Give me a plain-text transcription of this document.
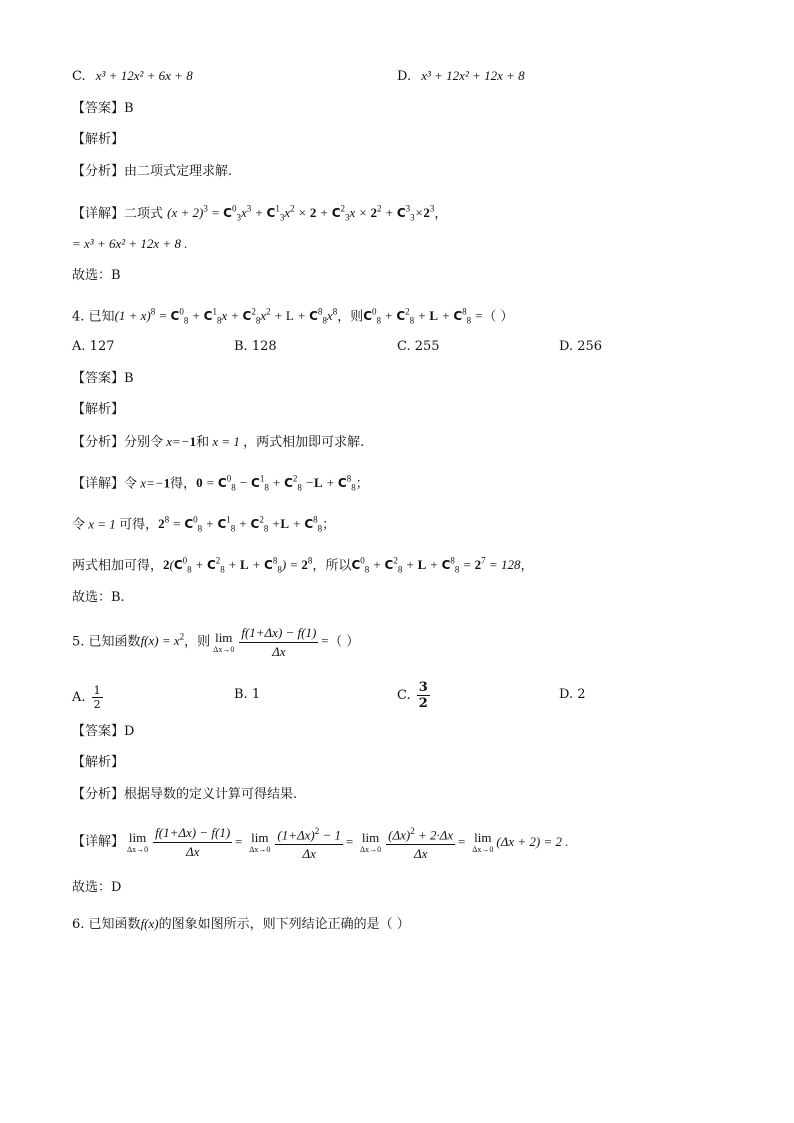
C. x³ + 12x² + 6x + 8	D. x³ + 12x² + 12x + 8
【答案】B
【解析】
【分析】由二项式定理求解.
【详解】二项式 $(x + 2)^3 = C^0_3x^3 + C^1_3x^2 \times 2 + C^2_3x \times 2^2 + C^3_3\times 2^3$，
= x³ + 6x² + 12x + 8 .
故选：B
4. 已知$(1 + x)^8 = C^0_8 + C^1_8x + C^2_8x^2 + L + C^8_8x^8$，则$C^0_8 + C^2_8 + L + C^8_8$ =（ ）
A. 127	B. 128	C. 255	D. 256
【答案】B
【解析】
【分析】分别令 x=−1和 x = 1 ，两式相加即可求解.
【详解】令 x=−1得，$0 = C^0_8 - C^1_8 + C^2_8 -L + C^8_8$；
令 x = 1 可得，$2^8 = C^0_8 + C^1_8 + C^2_8 +L + C^8_8$；
两式相加可得，$2(C^0_8 + C^2_8 + L + C^8_8) = 2^8$，所以$C^0_8 + C^2_8 + L + C^8_8 = 2^7 = 128$，
故选：B.
5. 已知函数$f(x) = x^2$，则 lim
$\Delta x\to 0 \frac{f(1+\Delta x) - f(1)}{\Delta x}$ =（ ）
A. $\frac{1}{2}$	B. 1	C. $\frac{3}{2}$	D. 2
【答案】D
【解析】
【分析】根据导数的定义计算可得结果.
【详解】 lim
$\Delta x\to 0 \frac{f(1+\Delta x) - f(1)}{\Delta x} = \lim$
$\Delta x\to 0 \frac{(1+\Delta x)^2 - 1}{\Delta x} = \lim$
$\Delta x\to 0 \frac{(\Delta x)^2 + 2\cdot\Delta x}{\Delta x} = \lim$
Δx→0
(Δx + 2) = 2 .
故选：D
6. 已知函数f(x)的图象如图所示，则下列结论正确的是（ ）
